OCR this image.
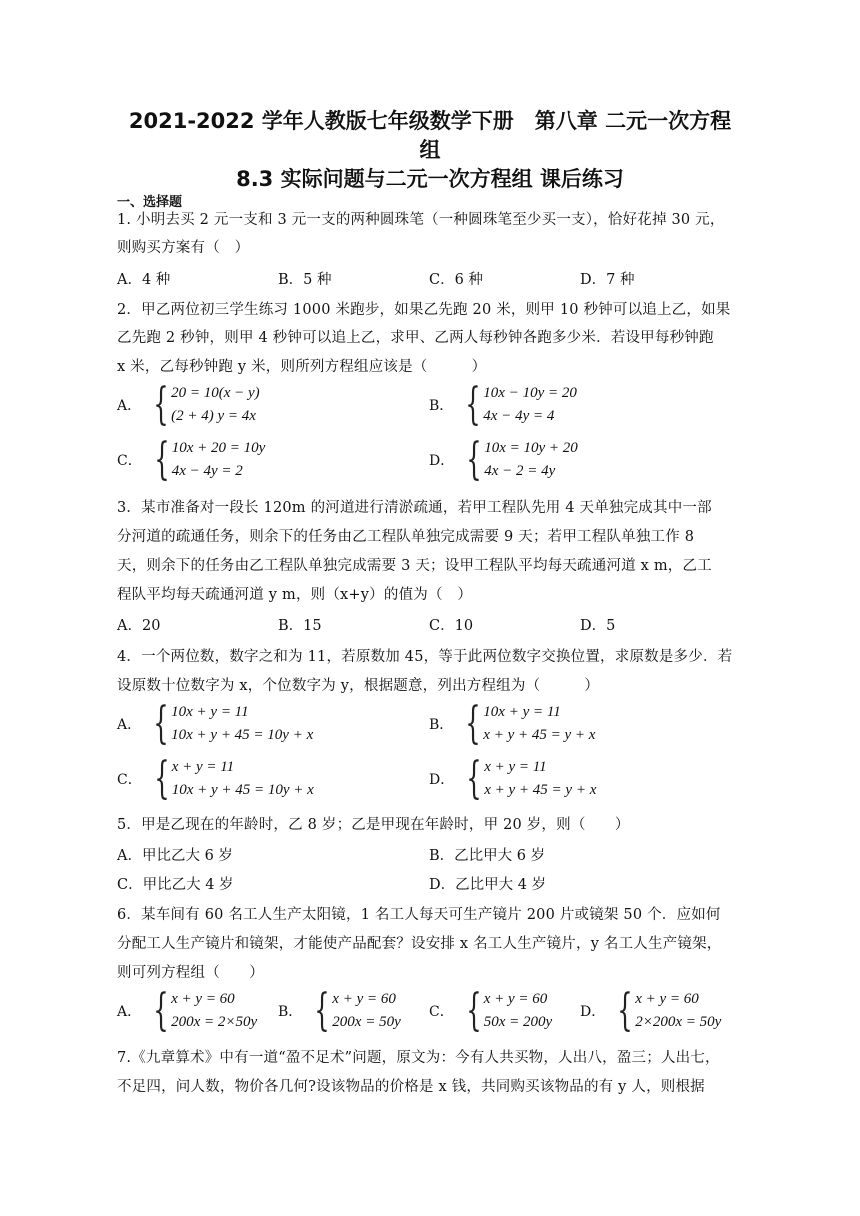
2021-2022 学年人教版七年级数学下册　第八章 二元一次方程
组
8.3 实际问题与二元一次方程组 课后练习
一、选择题
1. 小明去买 2 元一支和 3 元一支的两种圆珠笔（一种圆珠笔至少买一支），恰好花掉 30 元，
则购买方案有（　）
A．4 种	B．5 种	C．6 种	D．7 种
2．甲乙两位初三学生练习 1000 米跑步，如果乙先跑 20 米，则甲 10 秒钟可以追上乙，如果
乙先跑 2 秒钟，则甲 4 秒钟可以追上乙，求甲、乙两人每秒钟各跑多少米．若设甲每秒钟跑
x 米，乙每秒钟跑 y 米，则所列方程组应该是（　　　）
A． { 20 = 10(x − y)
(2 + 4) y = 4x
B． { 10x − 10y = 20
4x − 4y = 4
C． { 10x + 20 = 10y
4x − 4y = 2
D． { 10x = 10y + 20
4x − 2 = 4y
3．某市准备对一段长 120m 的河道进行清淤疏通，若甲工程队先用 4 天单独完成其中一部
分河道的疏通任务，则余下的任务由乙工程队单独完成需要 9 天；若甲工程队单独工作 8
天，则余下的任务由乙工程队单独完成需要 3 天；设甲工程队平均每天疏通河道 x m，乙工
程队平均每天疏通河道 y m，则（x+y）的值为（　）
A．20	B．15	C．10	D．5
4．一个两位数，数字之和为 11，若原数加 45，等于此两位数字交换位置，求原数是多少．若
设原数十位数字为 x，个位数字为 y，根据题意，列出方程组为（　　　）
A． { 10x + y = 11
10x + y + 45 = 10y + x
B． { 10x + y = 11
x + y + 45 = y + x
C． { x + y = 11
10x + y + 45 = 10y + x
D． { x + y = 11
x + y + 45 = y + x
5．甲是乙现在的年龄时，乙 8 岁；乙是甲现在年龄时，甲 20 岁，则（　　）
A．甲比乙大 6 岁	B．乙比甲大 6 岁
C．甲比乙大 4 岁	D．乙比甲大 4 岁
6．某车间有 60 名工人生产太阳镜，1 名工人每天可生产镜片 200 片或镜架 50 个．应如何
分配工人生产镜片和镜架，才能使产品配套？设安排 x 名工人生产镜片，y 名工人生产镜架，
则可列方程组（　　）
A． { x + y = 60
200x = 2×50y
B． { x + y = 60
200x = 50y
C． { x + y = 60
50x = 200y
D． { x + y = 60
2×200x = 50y
7.《九章算术》中有一道“盈不足术”问题，原文为：今有人共买物，人出八，盈三；人出七，
不足四，问人数，物价各几何?设该物品的价格是 x 钱，共同购买该物品的有 y 人，则根据
